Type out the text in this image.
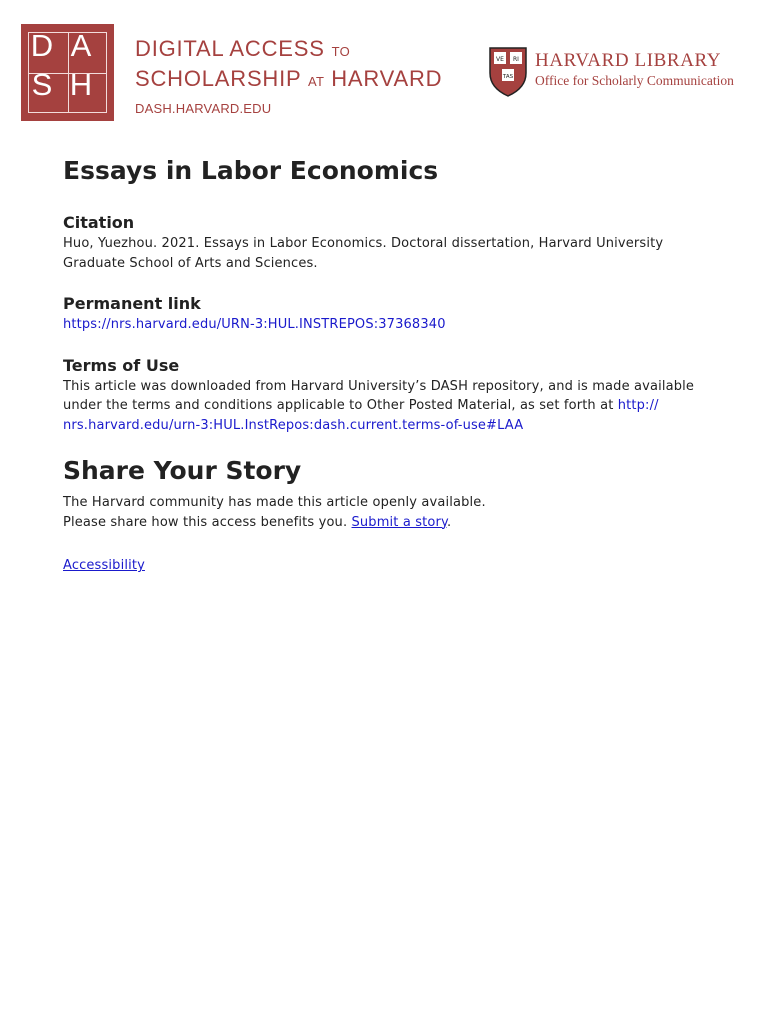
D A
S H
DIGITAL ACCESS TO
SCHOLARSHIP AT HARVARD
DASH.HARVARD.EDU
VE RI
TAS
HARVARD LIBRARY
Office for Scholarly Communication
Essays in Labor Economics
Citation

Huo, Yuezhou. 2021. Essays in Labor Economics. Doctoral dissertation, Harvard University
Graduate School of Arts and Sciences.

Permanent link

https://nrs.harvard.edu/URN-3:HUL.INSTREPOS:37368340

Terms of Use

This article was downloaded from Harvard University’s DASH repository, and is made available
under the terms and conditions applicable to Other Posted Material, as set forth at http://
nrs.harvard.edu/urn-3:HUL.InstRepos:dash.current.terms-of-use#LAA

Share Your Story

The Harvard community has made this article openly available.
Please share how this access benefits you. Submit a story.

Accessibility
